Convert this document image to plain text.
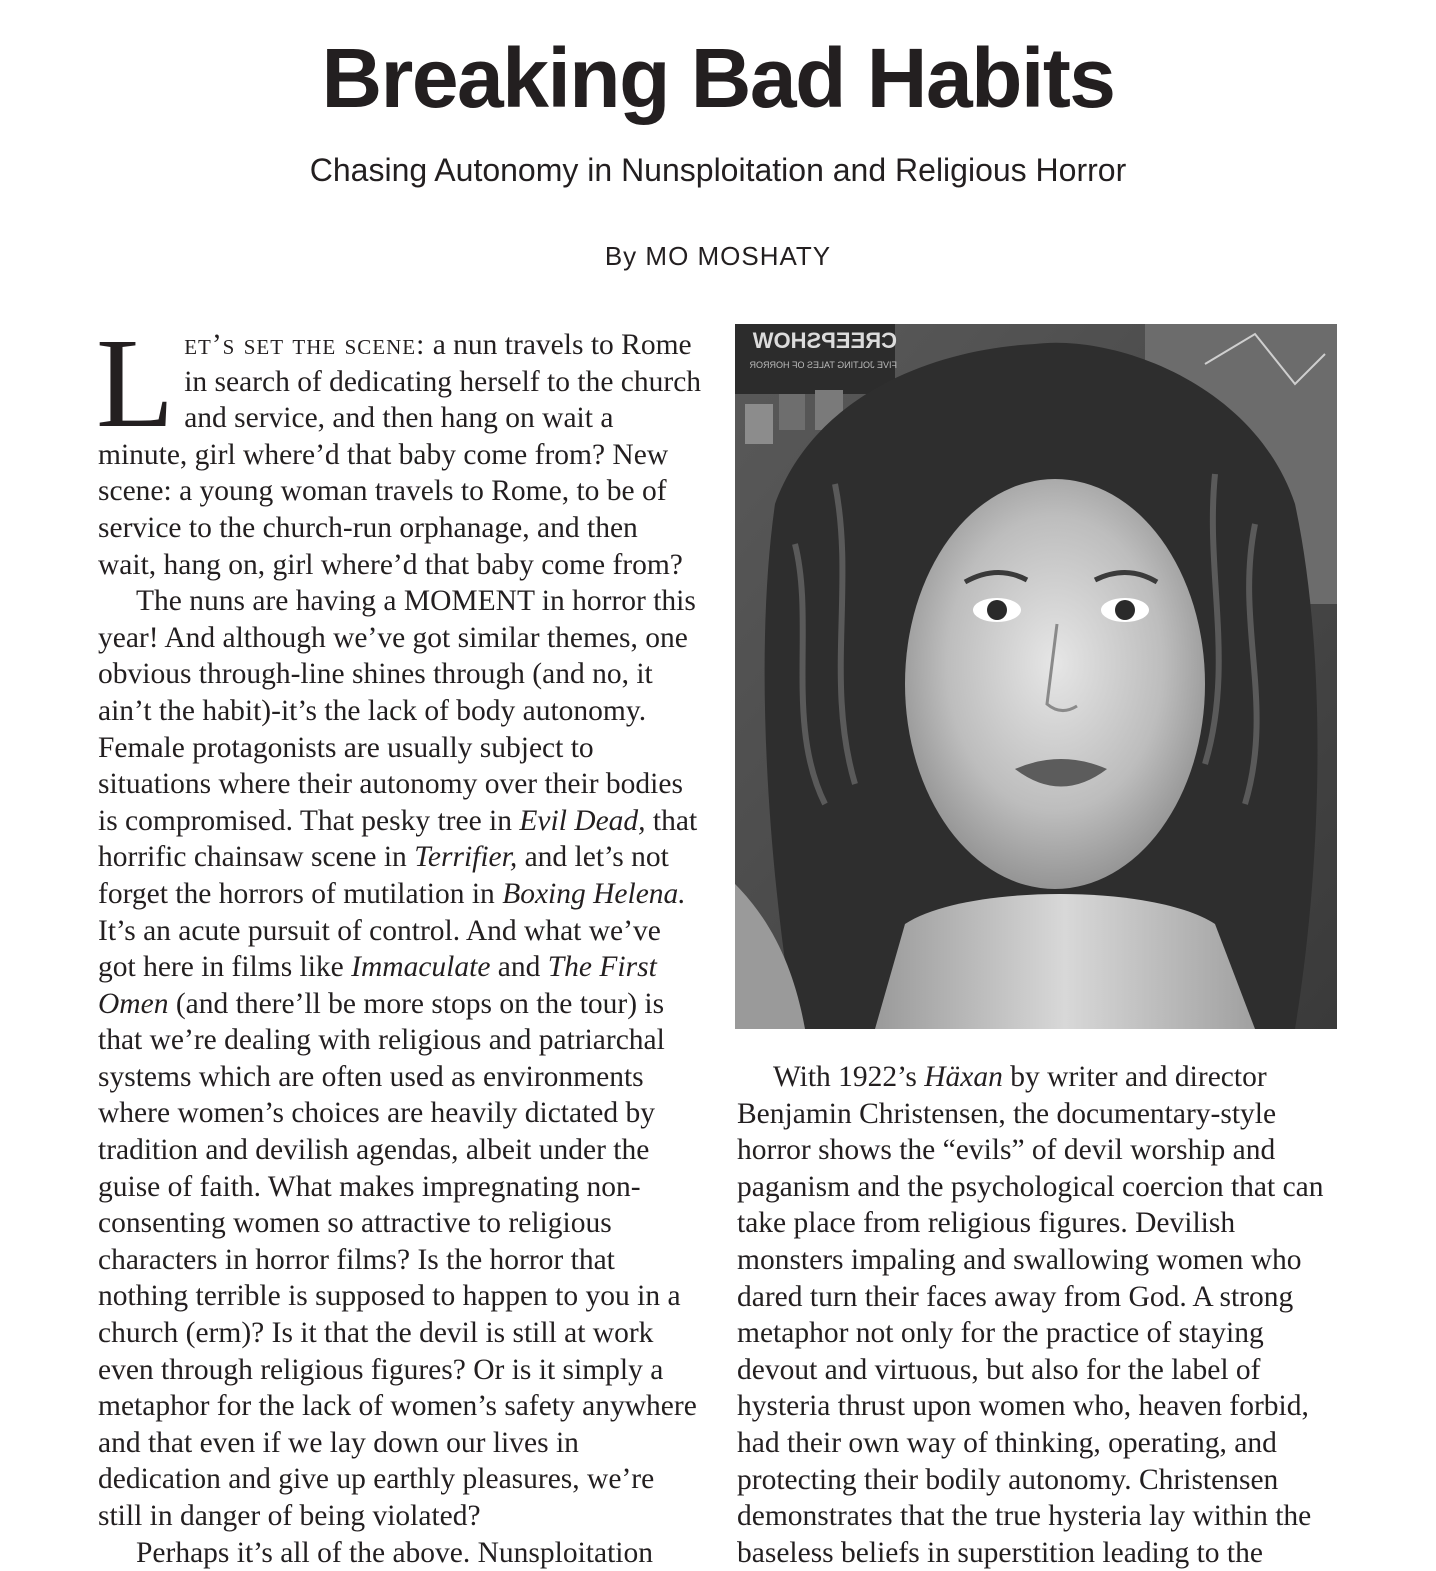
Breaking Bad Habits
Chasing Autonomy in Nunsploitation and Religious Horror
By MO MOSHATY

Let’s set the scene: a nun travels to Rome in search of dedicating herself to the church and service, and then hang on wait a minute, girl where’d that baby come from? New scene: a young woman travels to Rome, to be of service to the church-run orphanage, and then wait, hang on, girl where’d that baby come from?

The nuns are having a MOMENT in horror this year! And although we’ve got similar themes, one obvious through-line shines through (and no, it ain’t the habit)-it’s the lack of body autonomy. Female protagonists are usually subject to situations where their autonomy over their bodies is compromised. That pesky tree in Evil Dead, that horrific chainsaw scene in Terrifier, and let’s not forget the horrors of mutilation in Boxing Helena. It’s an acute pursuit of control. And what we’ve got here in films like Immaculate and The First Omen (and there’ll be more stops on the tour) is that we’re dealing with religious and patriarchal systems which are often used as environments where women’s choices are heavily dictated by tradition and devilish agendas, albeit under the guise of faith. What makes impregnating non-consenting women so attractive to religious characters in horror films? Is the horror that nothing terrible is supposed to happen to you in a church (erm)? Is it that the devil is still at work even through religious figures? Or is it simply a metaphor for the lack of women’s safety anywhere and that even if we lay down our lives in dedication and give up earthly pleasures, we’re still in danger of being violated?

Perhaps it’s all of the above. Nunsploitation

CREEPSHOW
FIVE JOLTING TALES OF HORROR

With 1922’s Häxan by writer and director Benjamin Christensen, the documentary-style horror shows the “evils” of devil worship and paganism and the psychological coercion that can take place from religious figures. Devilish monsters impaling and swallowing women who dared turn their faces away from God. A strong metaphor not only for the practice of staying devout and virtuous, but also for the label of hysteria thrust upon women who, heaven forbid, had their own way of thinking, operating, and protecting their bodily autonomy. Christensen demonstrates that the true hysteria lay within the baseless beliefs in superstition leading to the
